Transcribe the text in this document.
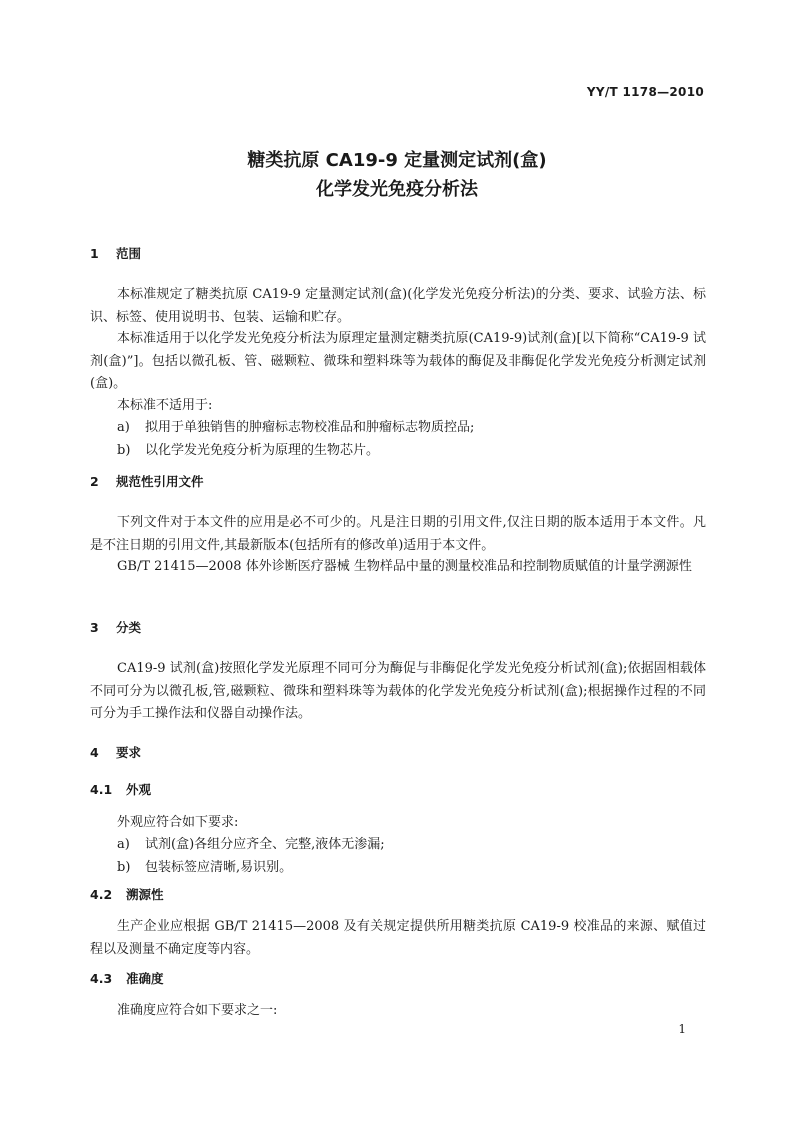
YY/T 1178—2010
糖类抗原 CA19-9 定量测定试剂(盒)
化学发光免疫分析法
1 范围
本标准规定了糖类抗原 CA19-9 定量测定试剂(盒)(化学发光免疫分析法)的分类、要求、试验方法、标识、标签、使用说明书、包装、运输和贮存。
本标准适用于以化学发光免疫分析法为原理定量测定糖类抗原(CA19-9)试剂(盒)[以下简称“CA19-9 试剂(盒)”]。包括以微孔板、管、磁颗粒、微珠和塑料珠等为载体的酶促及非酶促化学发光免疫分析测定试剂(盒)。
本标准不适用于:
a) 拟用于单独销售的肿瘤标志物校准品和肿瘤标志物质控品;
b) 以化学发光免疫分析为原理的生物芯片。
2 规范性引用文件
下列文件对于本文件的应用是必不可少的。凡是注日期的引用文件,仅注日期的版本适用于本文件。凡是不注日期的引用文件,其最新版本(包括所有的修改单)适用于本文件。
GB/T 21415—2008 体外诊断医疗器械 生物样品中量的测量校准品和控制物质赋值的计量学溯源性
3 分类
CA19-9 试剂(盒)按照化学发光原理不同可分为酶促与非酶促化学发光免疫分析试剂(盒);依据固相载体不同可分为以微孔板,管,磁颗粒、微珠和塑料珠等为载体的化学发光免疫分析试剂(盒);根据操作过程的不同可分为手工操作法和仪器自动操作法。
4 要求
4.1 外观
外观应符合如下要求:
a) 试剂(盒)各组分应齐全、完整,液体无渗漏;
b) 包装标签应清晰,易识别。
4.2 溯源性
生产企业应根据 GB/T 21415—2008 及有关规定提供所用糖类抗原 CA19-9 校准品的来源、赋值过程以及测量不确定度等内容。
4.3 准确度
准确度应符合如下要求之一:
1
